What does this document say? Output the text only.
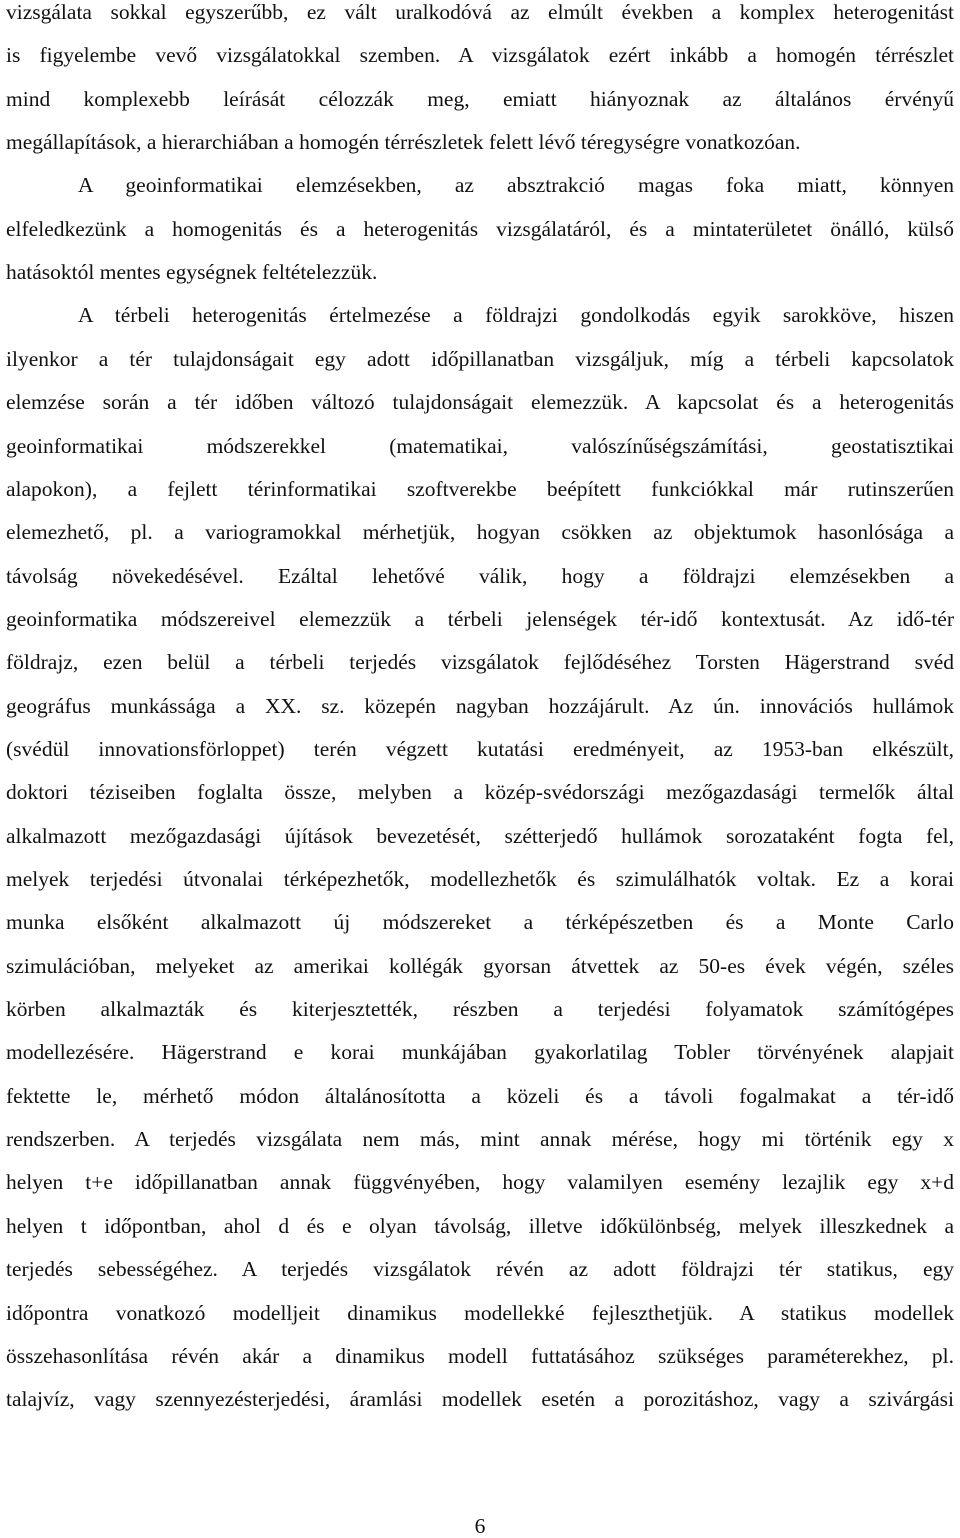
vizsgálata sokkal egyszerűbb, ez vált uralkodóvá az elmúlt években a komplex heterogenitást
is figyelembe vevő vizsgálatokkal szemben. A vizsgálatok ezért inkább a homogén térrészlet
mind komplexebb leírását célozzák meg, emiatt hiányoznak az általános érvényű
megállapítások, a hierarchiában a homogén térrészletek felett lévő téregységre vonatkozóan.
A geoinformatikai elemzésekben, az absztrakció magas foka miatt, könnyen
elfeledkezünk a homogenitás és a heterogenitás vizsgálatáról, és a mintaterületet önálló, külső
hatásoktól mentes egységnek feltételezzük.
A térbeli heterogenitás értelmezése a földrajzi gondolkodás egyik sarokköve, hiszen
ilyenkor a tér tulajdonságait egy adott időpillanatban vizsgáljuk, míg a térbeli kapcsolatok
elemzése során a tér időben változó tulajdonságait elemezzük. A kapcsolat és a heterogenitás
geoinformatikai módszerekkel (matematikai, valószínűségszámítási, geostatisztikai
alapokon), a fejlett térinformatikai szoftverekbe beépített funkciókkal már rutinszerűen
elemezhető, pl. a variogramokkal mérhetjük, hogyan csökken az objektumok hasonlósága a
távolság növekedésével. Ezáltal lehetővé válik, hogy a földrajzi elemzésekben a
geoinformatika módszereivel elemezzük a térbeli jelenségek tér-idő kontextusát. Az idő-tér
földrajz, ezen belül a térbeli terjedés vizsgálatok fejlődéséhez Torsten Hägerstrand svéd
geográfus munkássága a XX. sz. közepén nagyban hozzájárult. Az ún. innovációs hullámok
(svédül innovationsförloppet) terén végzett kutatási eredményeit, az 1953-ban elkészült,
doktori téziseiben foglalta össze, melyben a közép-svédországi mezőgazdasági termelők által
alkalmazott mezőgazdasági újítások bevezetését, szétterjedő hullámok sorozataként fogta fel,
melyek terjedési útvonalai térképezhetők, modellezhetők és szimulálhatók voltak. Ez a korai
munka elsőként alkalmazott új módszereket a térképészetben és a Monte Carlo
szimulációban, melyeket az amerikai kollégák gyorsan átvettek az 50-es évek végén, széles
körben alkalmazták és kiterjesztették, részben a terjedési folyamatok számítógépes
modellezésére. Hägerstrand e korai munkájában gyakorlatilag Tobler törvényének alapjait
fektette le, mérhető módon általánosította a közeli és a távoli fogalmakat a tér-idő
rendszerben. A terjedés vizsgálata nem más, mint annak mérése, hogy mi történik egy x
helyen t+e időpillanatban annak függvényében, hogy valamilyen esemény lezajlik egy x+d
helyen t időpontban, ahol d és e olyan távolság, illetve időkülönbség, melyek illeszkednek a
terjedés sebességéhez. A terjedés vizsgálatok révén az adott földrajzi tér statikus, egy
időpontra vonatkozó modelljeit dinamikus modellekké fejleszthetjük. A statikus modellek
összehasonlítása révén akár a dinamikus modell futtatásához szükséges paraméterekhez, pl.
talajvíz, vagy szennyezésterjedési, áramlási modellek esetén a porozitáshoz, vagy a szivárgási
6
